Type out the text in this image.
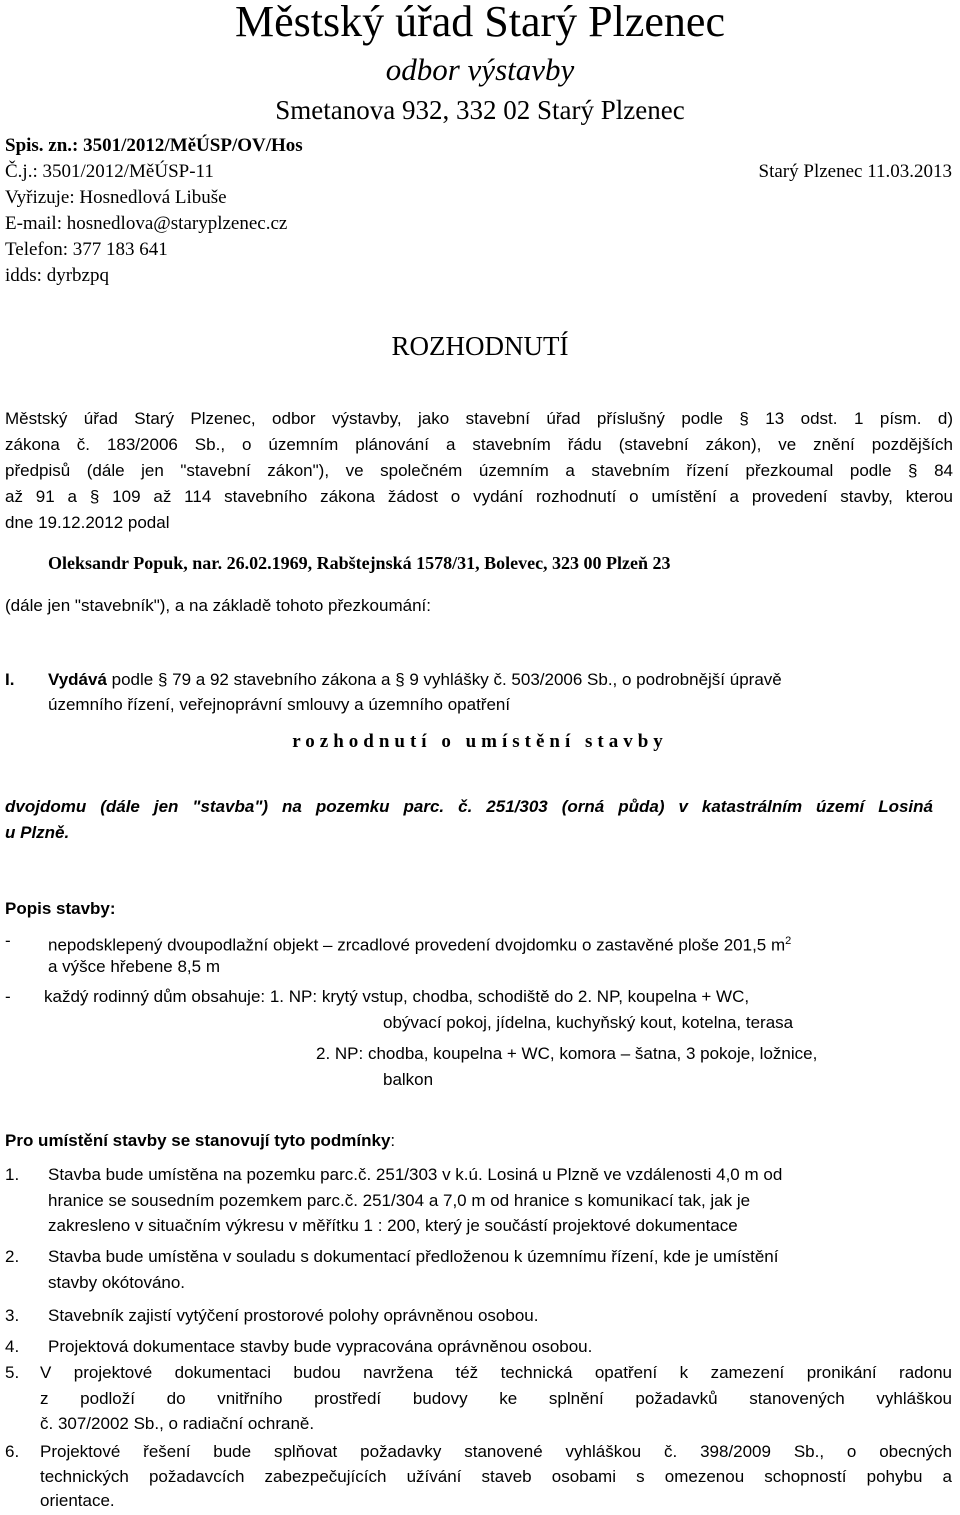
Městský úřad Starý Plzenec
odbor výstavby
Smetanova 932, 332 02 Starý Plzenec
Spis. zn.: 3501/2012/MěÚSP/OV/Hos
Č.j.: 3501/2012/MěÚSP-11	Starý Plzenec 11.03.2013
Vyřizuje: Hosnedlová Libuše
E-mail: hosnedlova@staryplzenec.cz
Telefon: 377 183 641
idds: dyrbzpq
ROZHODNUTÍ
Městský úřad Starý Plzenec, odbor výstavby, jako stavební úřad příslušný podle § 13 odst. 1 písm. d)
zákona č. 183/2006 Sb., o územním plánování a stavebním řádu (stavební zákon), ve znění pozdějších
předpisů (dále jen "stavební zákon"), ve společném územním a stavebním řízení přezkoumal podle § 84
až 91 a § 109 až 114 stavebního zákona žádost o vydání rozhodnutí o umístění a provedení stavby, kterou
dne 19.12.2012 podal
Oleksandr Popuk, nar. 26.02.1969, Rabštejnská 1578/31, Bolevec, 323 00 Plzeň 23
(dále jen "stavebník"), a na základě tohoto přezkoumání:
I. Vydává podle § 79 a 92 stavebního zákona a § 9 vyhlášky č. 503/2006 Sb., o podrobnější úpravě
územního řízení, veřejnoprávní smlouvy a územního opatření
rozhodnutí o umístění stavby
dvojdomu (dále jen "stavba") na pozemku parc. č. 251/303 (orná půda) v katastrálním území Losiná
u Plzně.
Popis stavby:
- nepodsklepený dvoupodlažní objekt – zrcadlové provedení dvojdomku o zastavěné ploše 201,5 $m^2$
a výšce hřebene 8,5 m
- každý rodinný dům obsahuje: 1. NP: krytý vstup, chodba, schodiště do 2. NP, koupelna + WC,
obývací pokoj, jídelna, kuchyňský kout, kotelna, terasa
2. NP: chodba, koupelna + WC, komora – šatna, 3 pokoje, ložnice,
balkon
Pro umístění stavby se stanovují tyto podmínky:
1. Stavba bude umístěna na pozemku parc.č. 251/303 v k.ú. Losiná u Plzně ve vzdálenosti 4,0 m od
hranice se sousedním pozemkem parc.č. 251/304 a 7,0 m od hranice s komunikací tak, jak je
zakresleno v situačním výkresu v měřítku 1 : 200, který je součástí projektové dokumentace
2. Stavba bude umístěna v souladu s dokumentací předloženou k územnímu řízení, kde je umístění
stavby okótováno.
3. Stavebník zajistí vytýčení prostorové polohy oprávněnou osobou.
4. Projektová dokumentace stavby bude vypracována oprávněnou osobou.
5. V projektové dokumentaci budou navržena též technická opatření k zamezení pronikání radonu
z podloží do vnitřního prostředí budovy ke splnění požadavků stanovených vyhláškou
č. 307/2002 Sb., o radiační ochraně.
6. Projektové řešení bude splňovat požadavky stanovené vyhláškou č. 398/2009 Sb., o obecných
technických požadavcích zabezpečujících užívání staveb osobami s omezenou schopností pohybu a
orientace.
